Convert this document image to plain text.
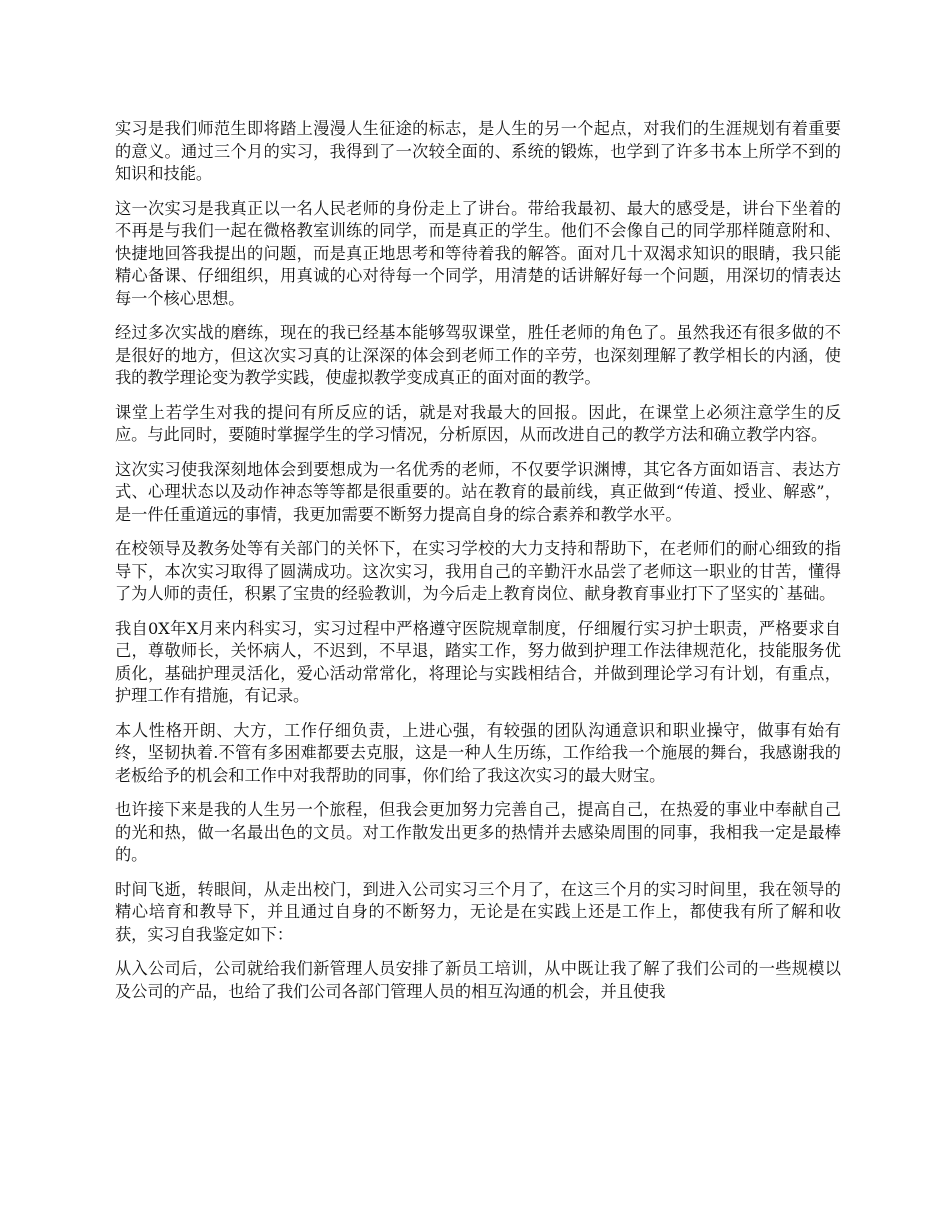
实习是我们师范生即将踏上漫漫人生征途的标志，是人生的另一个起点，对我们的生涯规划有着重要的意义。通过三个月的实习，我得到了一次较全面的、系统的锻炼，也学到了许多书本上所学不到的知识和技能。

这一次实习是我真正以一名人民老师的身份走上了讲台。带给我最初、最大的感受是，讲台下坐着的不再是与我们一起在微格教室训练的同学，而是真正的学生。他们不会像自己的同学那样随意附和、快捷地回答我提出的问题，而是真正地思考和等待着我的解答。面对几十双渴求知识的眼睛，我只能精心备课、仔细组织，用真诚的心对待每一个同学，用清楚的话讲解好每一个问题，用深切的情表达每一个核心思想。

经过多次实战的磨练，现在的我已经基本能够驾驭课堂，胜任老师的角色了。虽然我还有很多做的不是很好的地方，但这次实习真的让深深的体会到老师工作的辛劳，也深刻理解了教学相长的内涵，使我的教学理论变为教学实践，使虚拟教学变成真正的面对面的教学。

课堂上若学生对我的提问有所反应的话，就是对我最大的回报。因此，在课堂上必须注意学生的反应。与此同时，要随时掌握学生的学习情况，分析原因，从而改进自己的教学方法和确立教学内容。

这次实习使我深刻地体会到要想成为一名优秀的老师，不仅要学识渊博，其它各方面如语言、表达方式、心理状态以及动作神态等等都是很重要的。站在教育的最前线，真正做到“传道、授业、解惑”，是一件任重道远的事情，我更加需要不断努力提高自身的综合素养和教学水平。

在校领导及教务处等有关部门的关怀下，在实习学校的大力支持和帮助下，在老师们的耐心细致的指导下，本次实习取得了圆满成功。这次实习，我用自己的辛勤汗水品尝了老师这一职业的甘苦，懂得了为人师的责任，积累了宝贵的经验教训，为今后走上教育岗位、献身教育事业打下了坚实的`基础。

我自0X年X月来内科实习，实习过程中严格遵守医院规章制度，仔细履行实习护士职责，严格要求自己，尊敬师长，关怀病人，不迟到，不早退，踏实工作，努力做到护理工作法律规范化，技能服务优质化，基础护理灵活化，爱心活动常常化，将理论与实践相结合，并做到理论学习有计划，有重点，护理工作有措施，有记录。

本人性格开朗、大方，工作仔细负责，上进心强，有较强的团队沟通意识和职业操守，做事有始有终，坚韧执着.不管有多困难都要去克服，这是一种人生历练，工作给我一个施展的舞台，我感谢我的老板给予的机会和工作中对我帮助的同事，你们给了我这次实习的最大财宝。

也许接下来是我的人生另一个旅程，但我会更加努力完善自己，提高自己，在热爱的事业中奉献自己的光和热，做一名最出色的文员。对工作散发出更多的热情并去感染周围的同事，我相我一定是最棒的。

时间飞逝，转眼间，从走出校门，到进入公司实习三个月了，在这三个月的实习时间里，我在领导的精心培育和教导下，并且通过自身的不断努力，无论是在实践上还是工作上，都使我有所了解和收获，实习自我鉴定如下：

从入公司后，公司就给我们新管理人员安排了新员工培训，从中既让我了解了我们公司的一些规模以及公司的产品，也给了我们公司各部门管理人员的相互沟通的机会，并且使我
